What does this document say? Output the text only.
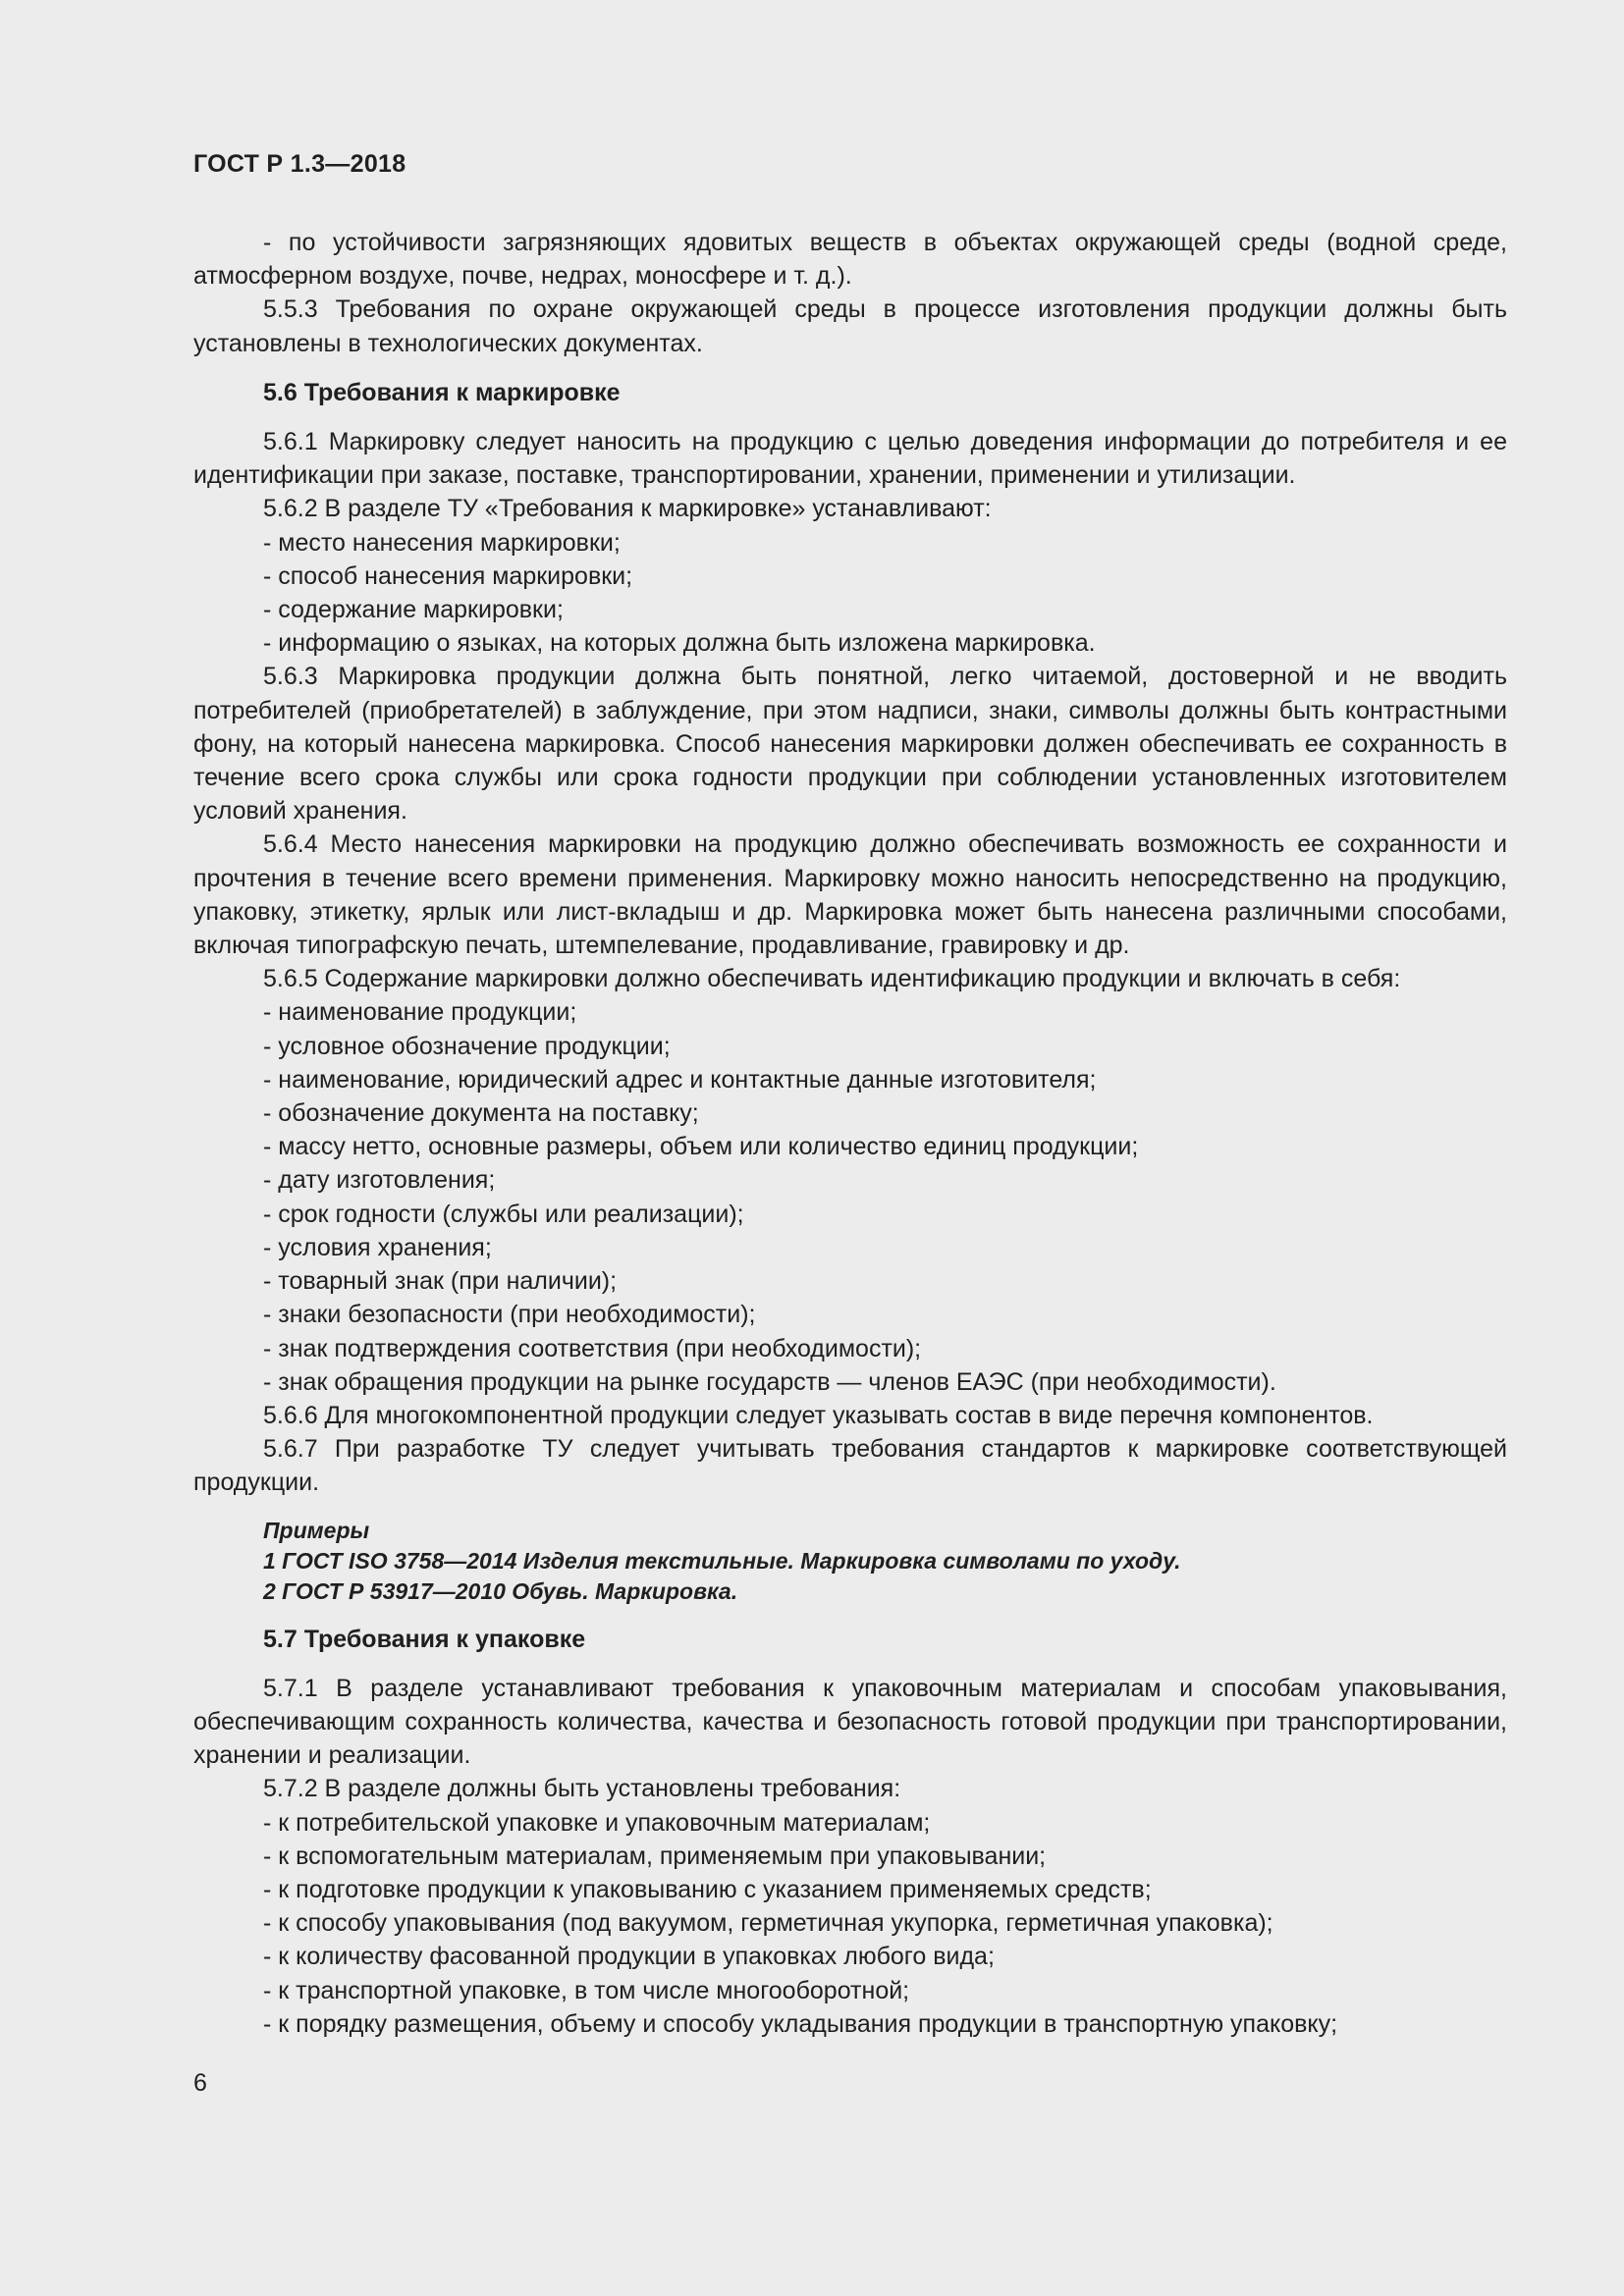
ГОСТ Р 1.3—2018

- по устойчивости загрязняющих ядовитых веществ в объектах окружающей среды (водной среде, атмосферном воздухе, почве, недрах, моносфере и т. д.).

5.5.3 Требования по охране окружающей среды в процессе изготовления продукции должны быть установлены в технологических документах.

5.6 Требования к маркировке

5.6.1 Маркировку следует наносить на продукцию с целью доведения информации до потребителя и ее идентификации при заказе, поставке, транспортировании, хранении, применении и утилизации.

5.6.2 В разделе ТУ «Требования к маркировке» устанавливают:

- место нанесения маркировки;

- способ нанесения маркировки;

- содержание маркировки;

- информацию о языках, на которых должна быть изложена маркировка.

5.6.3 Маркировка продукции должна быть понятной, легко читаемой, достоверной и не вводить потребителей (приобретателей) в заблуждение, при этом надписи, знаки, символы должны быть контрастными фону, на который нанесена маркировка. Способ нанесения маркировки должен обеспечивать ее сохранность в течение всего срока службы или срока годности продукции при соблюдении установленных изготовителем условий хранения.

5.6.4 Место нанесения маркировки на продукцию должно обеспечивать возможность ее сохранности и прочтения в течение всего времени применения. Маркировку можно наносить непосредственно на продукцию, упаковку, этикетку, ярлык или лист-вкладыш и др. Маркировка может быть нанесена различными способами, включая типографскую печать, штемпелевание, продавливание, гравировку и др.

5.6.5 Содержание маркировки должно обеспечивать идентификацию продукции и включать в себя:

- наименование продукции;

- условное обозначение продукции;

- наименование, юридический адрес и контактные данные изготовителя;

- обозначение документа на поставку;

- массу нетто, основные размеры, объем или количество единиц продукции;

- дату изготовления;

- срок годности (службы или реализации);

- условия хранения;

- товарный знак (при наличии);

- знаки безопасности (при необходимости);

- знак подтверждения соответствия (при необходимости);

- знак обращения продукции на рынке государств — членов ЕАЭС (при необходимости).

5.6.6 Для многокомпонентной продукции следует указывать состав в виде перечня компонентов.

5.6.7 При разработке ТУ следует учитывать требования стандартов к маркировке соответствующей продукции.

Примеры

1 ГОСТ ISO 3758—2014 Изделия текстильные. Маркировка символами по уходу.

2 ГОСТ Р 53917—2010 Обувь. Маркировка.

5.7 Требования к упаковке

5.7.1 В разделе устанавливают требования к упаковочным материалам и способам упаковывания, обеспечивающим сохранность количества, качества и безопасность готовой продукции при транспортировании, хранении и реализации.

5.7.2 В разделе должны быть установлены требования:

- к потребительской упаковке и упаковочным материалам;

- к вспомогательным материалам, применяемым при упаковывании;

- к подготовке продукции к упаковыванию с указанием применяемых средств;

- к способу упаковывания (под вакуумом, герметичная укупорка, герметичная упаковка);

- к количеству фасованной продукции в упаковках любого вида;

- к транспортной упаковке, в том числе многооборотной;

- к порядку размещения, объему и способу укладывания продукции в транспортную упаковку;

6
